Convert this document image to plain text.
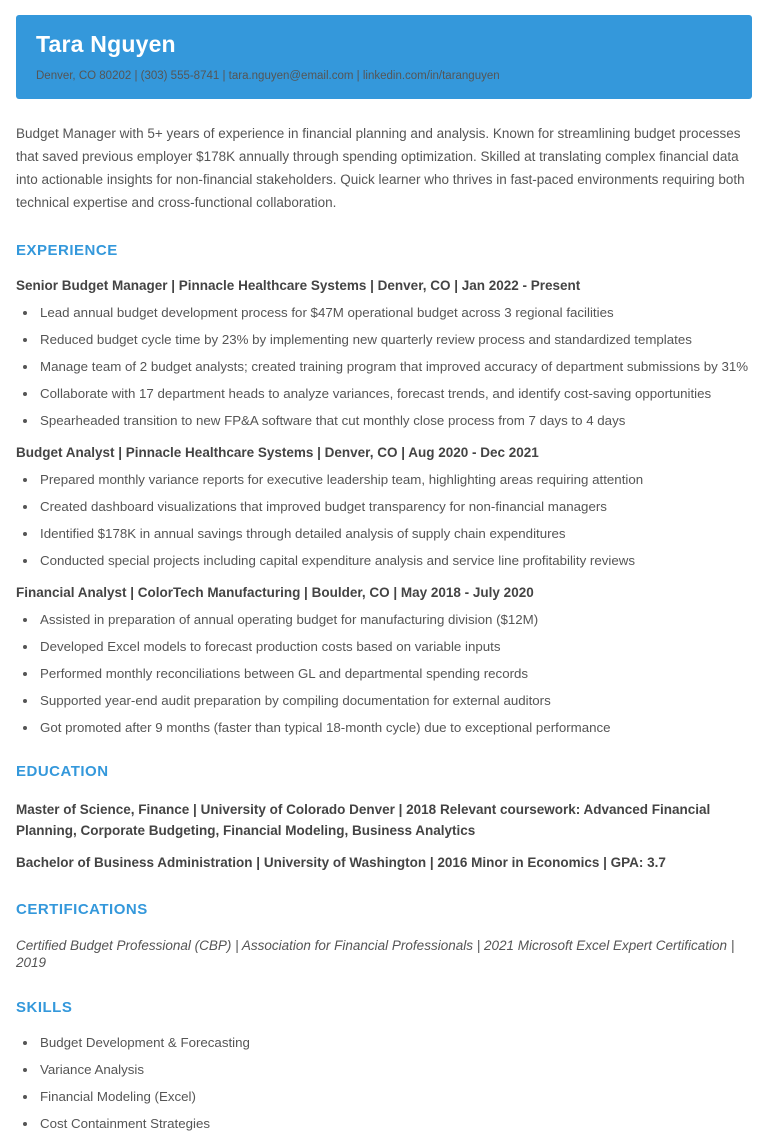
Tara Nguyen

Denver, CO 80202 | (303) 555-8741 | tara.nguyen@email.com | linkedin.com/in/taranguyen

Budget Manager with 5+ years of experience in financial planning and analysis. Known for streamlining budget processes that saved previous employer $178K annually through spending optimization. Skilled at translating complex financial data into actionable insights for non-financial stakeholders. Quick learner who thrives in fast-paced environments requiring both technical expertise and cross-functional collaboration.

EXPERIENCE
Senior Budget Manager | Pinnacle Healthcare Systems | Denver, CO | Jan 2022 - Present
• Lead annual budget development process for $47M operational budget across 3 regional facilities
• Reduced budget cycle time by 23% by implementing new quarterly review process and standardized templates
• Manage team of 2 budget analysts; created training program that improved accuracy of department submissions by 31%
• Collaborate with 17 department heads to analyze variances, forecast trends, and identify cost-saving opportunities
• Spearheaded transition to new FP&A software that cut monthly close process from 7 days to 4 days
Budget Analyst | Pinnacle Healthcare Systems | Denver, CO | Aug 2020 - Dec 2021
• Prepared monthly variance reports for executive leadership team, highlighting areas requiring attention
• Created dashboard visualizations that improved budget transparency for non-financial managers
• Identified $178K in annual savings through detailed analysis of supply chain expenditures
• Conducted special projects including capital expenditure analysis and service line profitability reviews
Financial Analyst | ColorTech Manufacturing | Boulder, CO | May 2018 - July 2020
• Assisted in preparation of annual operating budget for manufacturing division ($12M)
• Developed Excel models to forecast production costs based on variable inputs
• Performed monthly reconciliations between GL and departmental spending records
• Supported year-end audit preparation by compiling documentation for external auditors
• Got promoted after 9 months (faster than typical 18-month cycle) due to exceptional performance
EDUCATION

Master of Science, Finance | University of Colorado Denver | 2018 Relevant coursework: Advanced Financial Planning, Corporate Budgeting, Financial Modeling, Business Analytics

Bachelor of Business Administration | University of Washington | 2016 Minor in Economics | GPA: 3.7

CERTIFICATIONS

Certified Budget Professional (CBP) | Association for Financial Professionals | 2021 Microsoft Excel Expert Certification | 2019

SKILLS
• Budget Development & Forecasting
• Variance Analysis
• Financial Modeling (Excel)
• Cost Containment Strategies
